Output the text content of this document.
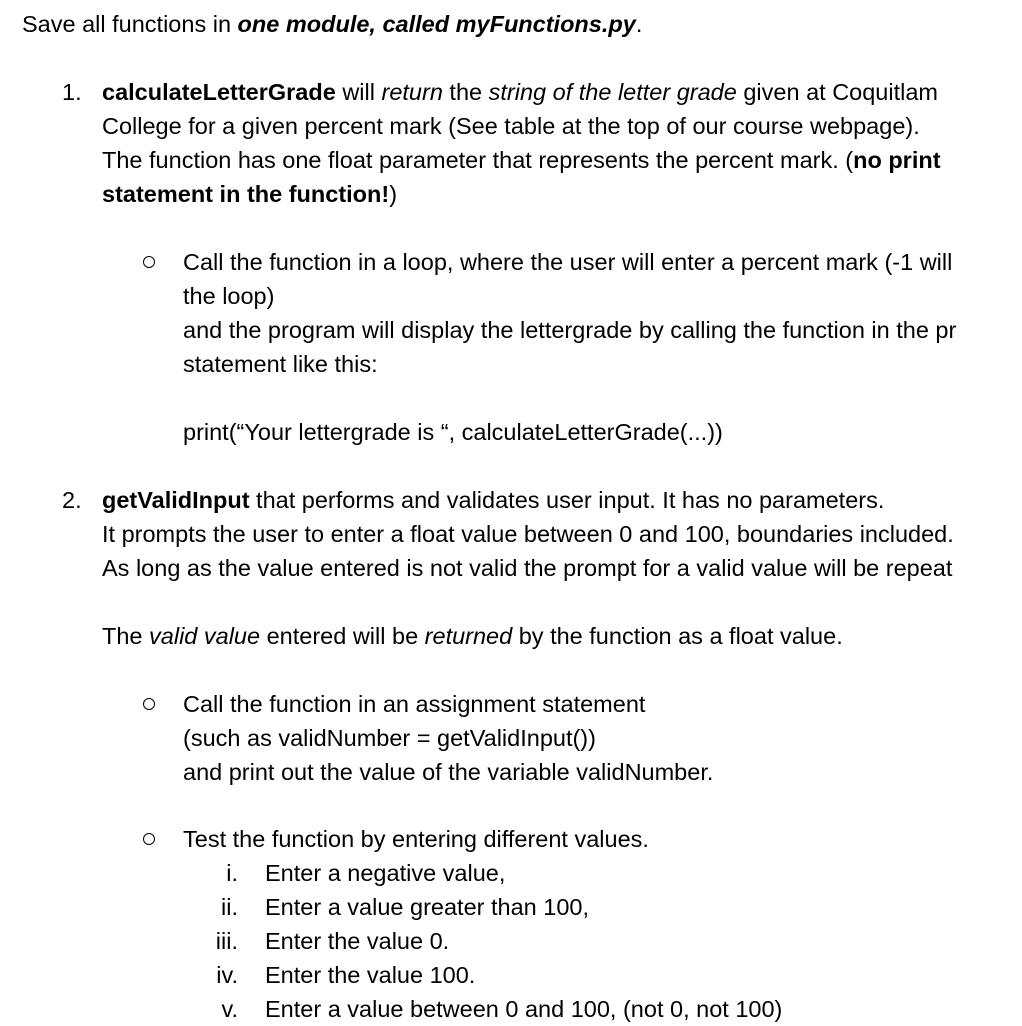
Save all functions in one module, called myFunctions.py.
1. calculateLetterGrade will return the string of the letter grade given at Coquitlam
College for a given percent mark (See table at the top of our course webpage).
The function has one float parameter that represents the percent mark. (no print
statement in the function!)
Call the function in a loop, where the user will enter a percent mark (-1 will
the loop)
and the program will display the lettergrade by calling the function in the pr
statement like this:
print(“Your lettergrade is “, calculateLetterGrade(...))
2. getValidInput that performs and validates user input. It has no parameters.
It prompts the user to enter a float value between 0 and 100, boundaries included.
As long as the value entered is not valid the prompt for a valid value will be repeat
The valid value entered will be returned by the function as a float value.
Call the function in an assignment statement
(such as validNumber = getValidInput())
and print out the value of the variable validNumber.
Test the function by entering different values.
i. Enter a negative value,
ii. Enter a value greater than 100,
iii. Enter the value 0.
iv. Enter the value 100.
v. Enter a value between 0 and 100, (not 0, not 100)
